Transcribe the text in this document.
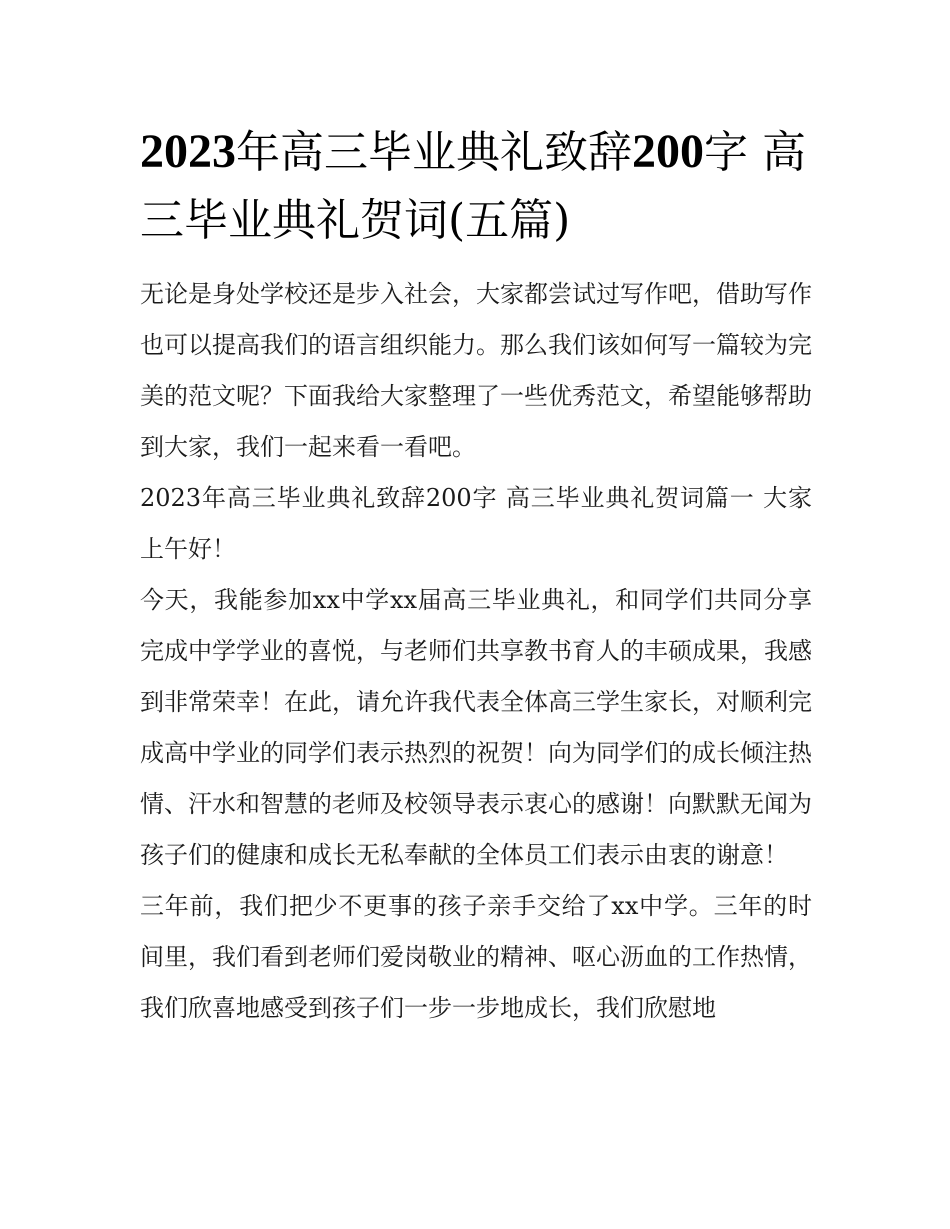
2023年高三毕业典礼致辞200字 高三毕业典礼贺词(五篇)

无论是身处学校还是步入社会，大家都尝试过写作吧，借助写作也可以提高我们的语言组织能力。那么我们该如何写一篇较为完美的范文呢？下面我给大家整理了一些优秀范文，希望能够帮助到大家，我们一起来看一看吧。

2023年高三毕业典礼致辞200字 高三毕业典礼贺词篇一 大家上午好！

今天，我能参加xx中学xx届高三毕业典礼，和同学们共同分享完成中学学业的喜悦，与老师们共享教书育人的丰硕成果，我感到非常荣幸！在此，请允许我代表全体高三学生家长，对顺利完成高中学业的同学们表示热烈的祝贺！向为同学们的成长倾注热情、汗水和智慧的老师及校领导表示衷心的感谢！向默默无闻为孩子们的健康和成长无私奉献的全体员工们表示由衷的谢意！

三年前，我们把少不更事的孩子亲手交给了xx中学。三年的时间里，我们看到老师们爱岗敬业的精神、呕心沥血的工作热情，我们欣喜地感受到孩子们一步一步地成长，我们欣慰地
